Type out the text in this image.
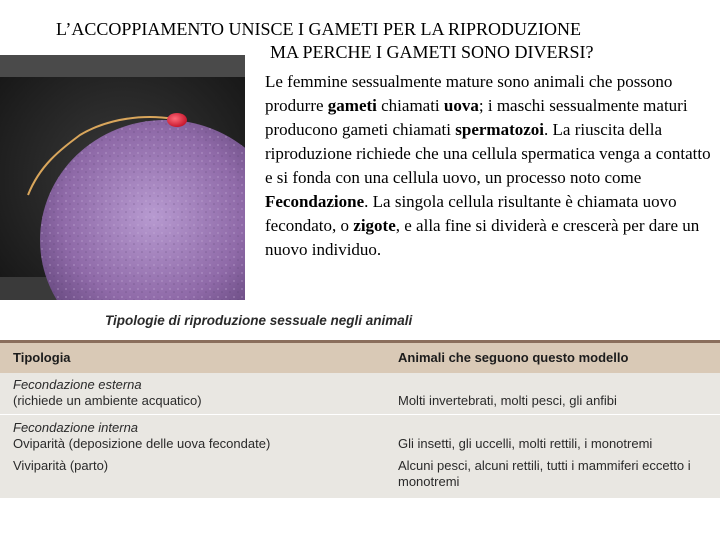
L’ACCOPPIAMENTO UNISCE I GAMETI PER LA RIPRODUZIONE
MA PERCHE I GAMETI SONO DIVERSI?

Le femmine sessualmente mature sono animali che possono produrre gameti chiamati uova; i maschi sessualmente maturi producono gameti chiamati spermatozoi. La riuscita della riproduzione richiede che una cellula spermatica venga a contatto e si fonda con una cellula uovo, un processo noto come Fecondazione. La singola cellula risultante è chiamata uovo fecondato, o zigote, e alla fine si dividerà e crescerà per dare un nuovo individuo.

Tipologie di riproduzione sessuale negli animali
Tipologia	Animali che seguono questo modello
Fecondazione esterna
(richiede un ambiente acquatico)	Molti invertebrati, molti pesci, gli anfibi
Fecondazione interna
Oviparità (deposizione delle uova fecondate)	Gli insetti, gli uccelli, molti rettili, i monotremi
Viviparità (parto)	Alcuni pesci, alcuni rettili, tutti i mammiferi eccetto i monotremi
